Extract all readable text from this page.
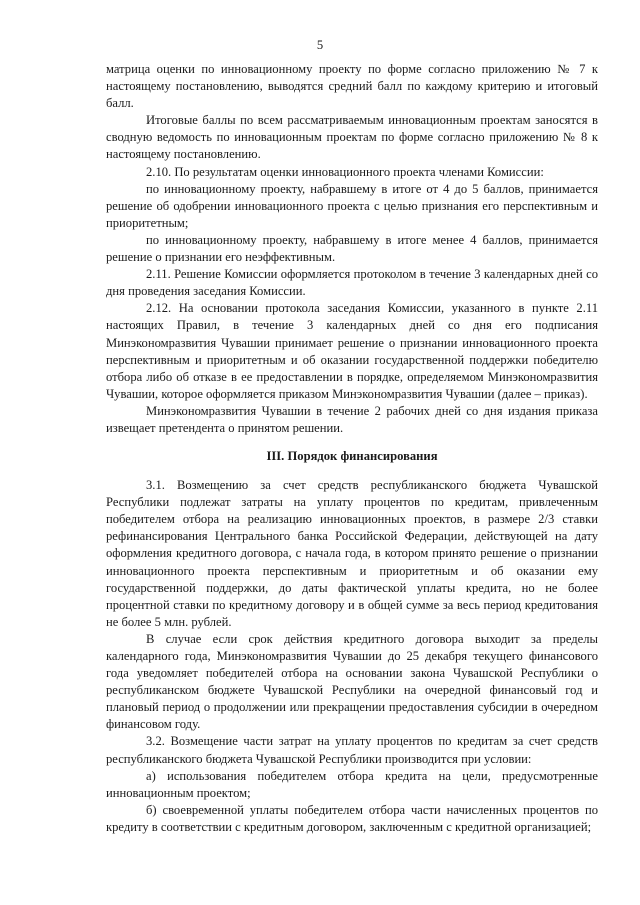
5

матрица оценки по инновационному проекту по форме согласно приложению № 7 к настоящему постановлению, выводятся средний балл по каждому критерию и итоговый балл.

Итоговые баллы по всем рассматриваемым инновационным проектам заносятся в сводную ведомость по инновационным проектам по форме согласно приложению № 8 к настоящему постановлению.

2.10. По результатам оценки инновационного проекта членами Комиссии:

по инновационному проекту, набравшему в итоге от 4 до 5 баллов, принимается решение об одобрении инновационного проекта с целью признания его перспективным и приоритетным;

по инновационному проекту, набравшему в итоге менее 4 баллов, принимается решение о признании его неэффективным.

2.11. Решение Комиссии оформляется протоколом в течение 3 календарных дней со дня проведения заседания Комиссии.

2.12. На основании протокола заседания Комиссии, указанного в пункте 2.11 настоящих Правил, в течение 3 календарных дней со дня его подписания Минэкономразвития Чувашии принимает решение о признании инновационного проекта перспективным и приоритетным и об оказании государственной поддержки победителю отбора либо об отказе в ее предоставлении в порядке, определяемом Минэкономразвития Чувашии, которое оформляется приказом Минэкономразвития Чувашии (далее – приказ).

Минэкономразвития Чувашии в течение 2 рабочих дней со дня издания приказа извещает претендента о принятом решении.

III. Порядок финансирования

3.1. Возмещению за счет средств республиканского бюджета Чувашской Республики подлежат затраты на уплату процентов по кредитам, привлеченным победителем отбора на реализацию инновационных проектов, в размере 2/3 ставки рефинансирования Центрального банка Российской Федерации, действующей на дату оформления кредитного договора, с начала года, в котором принято решение о признании инновационного проекта перспективным и приоритетным и об оказании ему государственной поддержки, до даты фактической уплаты кредита, но не более процентной ставки по кредитному договору и в общей сумме за весь период кредитования не более 5 млн. рублей.

В случае если срок действия кредитного договора выходит за пределы календарного года, Минэкономразвития Чувашии до 25 декабря текущего финансового года уведомляет победителей отбора на основании закона Чувашской Республики о республиканском бюджете Чувашской Республики на очередной финансовый год и плановый период о продолжении или прекращении предоставления субсидии в очередном финансовом году.

3.2. Возмещение части затрат на уплату процентов по кредитам за счет средств республиканского бюджета Чувашской Республики производится при условии:

а) использования победителем отбора кредита на цели, предусмотренные инновационным проектом;

б) своевременной уплаты победителем отбора части начисленных процентов по кредиту в соответствии с кредитным договором, заключенным с кредитной организацией;
